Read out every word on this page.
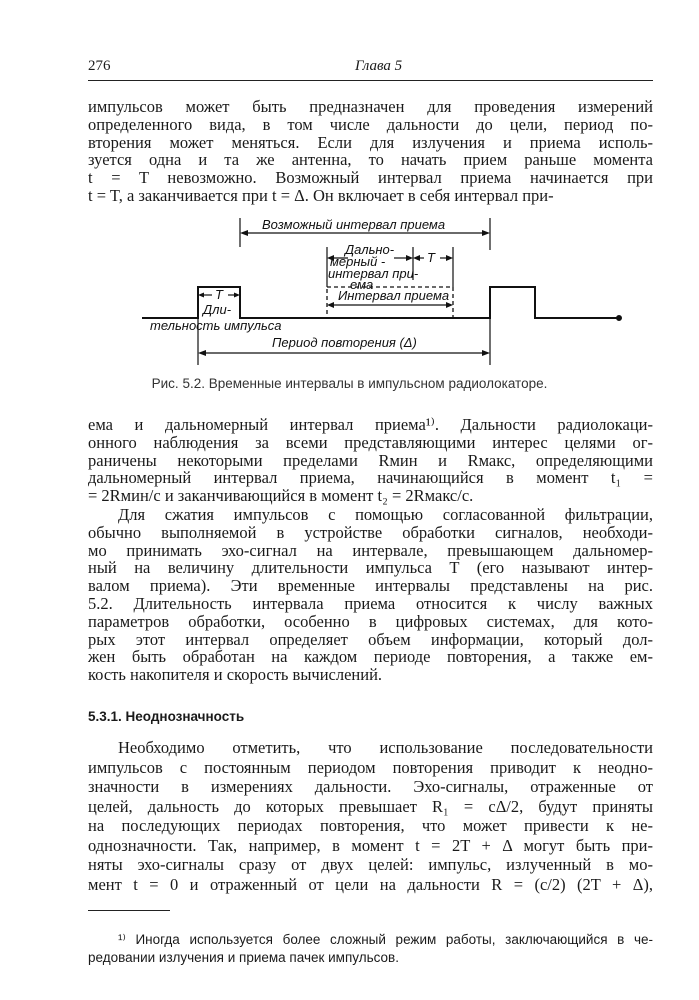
276	Глава 5
импульсов может быть предназначен для проведения измерений
определенного вида, в том числе дальности до цели, период по-
вторения может меняться. Если для излучения и приема исполь-
зуется одна и та же антенна, то начать прием раньше момента
t = T невозможно. Возможный интервал приема начинается при
t = T, а заканчивается при t = Δ. Он включает в себя интервал при-
Возможный интервал приема
Дально-
мерный -
интервал при-
ема
T
Интервал приема
T
Дли-
тельность импульса
Период повторения (Δ)
Рис. 5.2. Временные интервалы в импульсном радиолокаторе.
ема и дальномерный интервал приема¹⁾. Дальности радиолокаци-
онного наблюдения за всеми представляющими интерес целями ог-
раничены некоторыми пределами Rмин и Rмакс, определяющими
дальномерный интервал приема, начинающийся в момент t₁ =
= 2Rмин/c и заканчивающийся в момент t₂ = 2Rмакс/c.
Для сжатия импульсов с помощью согласованной фильтрации,
обычно выполняемой в устройстве обработки сигналов, необходи-
мо принимать эхо-сигнал на интервале, превышающем дальномер-
ный на величину длительности импульса T (его называют интер-
валом приема). Эти временные интервалы представлены на рис.
5.2. Длительность интервала приема относится к числу важных
параметров обработки, особенно в цифровых системах, для кото-
рых этот интервал определяет объем информации, который дол-
жен быть обработан на каждом периоде повторения, а также ем-
кость накопителя и скорость вычислений.
5.3.1. Неоднозначность
Необходимо отметить, что использование последовательности
импульсов с постоянным периодом повторения приводит к неодно-
значности в измерениях дальности. Эхо-сигналы, отраженные от
целей, дальность до которых превышает R₁ = cΔ/2, будут приняты
на последующих периодах повторения, что может привести к не-
однозначности. Так, например, в момент t = 2T + Δ могут быть при-
няты эхо-сигналы сразу от двух целей: импульс, излученный в мо-
мент t = 0 и отраженный от цели на дальности R = (c/2) (2T + Δ),
¹⁾ Иногда используется более сложный режим работы, заключающийся в че-
редовании излучения и приема пачек импульсов.
